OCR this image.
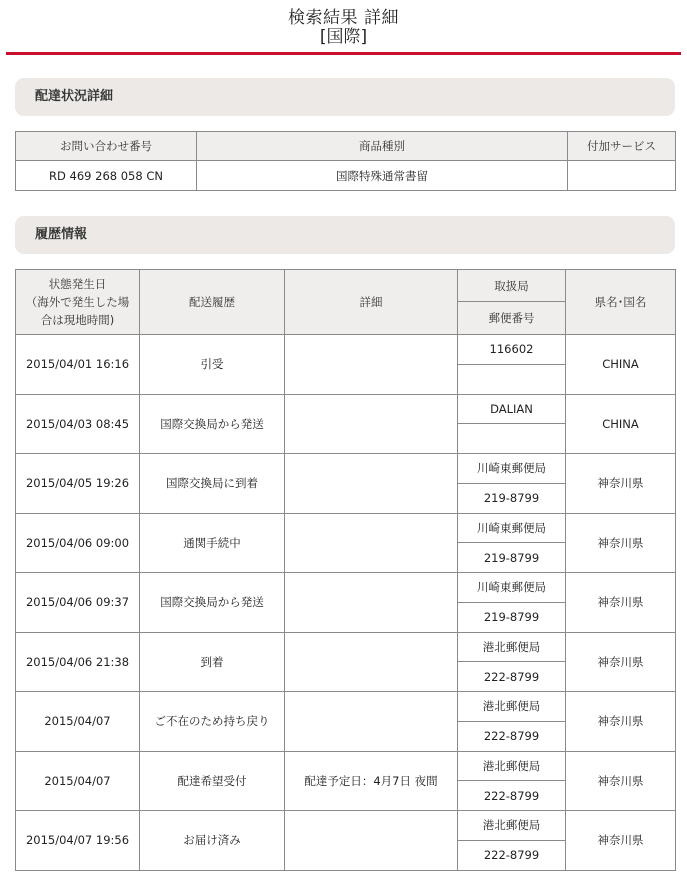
検索結果 詳細
[国際]
配達状況詳細
お問い合わせ番号	商品種別	付加サービス
RD 469 268 058 CN	国際特殊通常書留	
履歴情報
状態発生日
（海外で発生した場
合は現地時間)	配送履歴	詳細	取扱局	県名･国名
			郵便番号	
2015/04/01 16:16	引受		116602	CHINA

2015/04/03 08:45	国際交換局から発送		DALIAN	CHINA

2015/04/05 19:26	国際交換局に到着		川崎東郵便局	神奈川県
			219-8799	
2015/04/06 09:00	通関手続中		川崎東郵便局	神奈川県
			219-8799	
2015/04/06 09:37	国際交換局から発送		川崎東郵便局	神奈川県
			219-8799	
2015/04/06 21:38	到着		港北郵便局	神奈川県
			222-8799	
2015/04/07	ご不在のため持ち戻り		港北郵便局	神奈川県
			222-8799	
2015/04/07	配達希望受付	配達予定日：4月7日 夜間	港北郵便局	神奈川県
			222-8799	
2015/04/07 19:56	お届け済み		港北郵便局	神奈川県
			222-8799	
